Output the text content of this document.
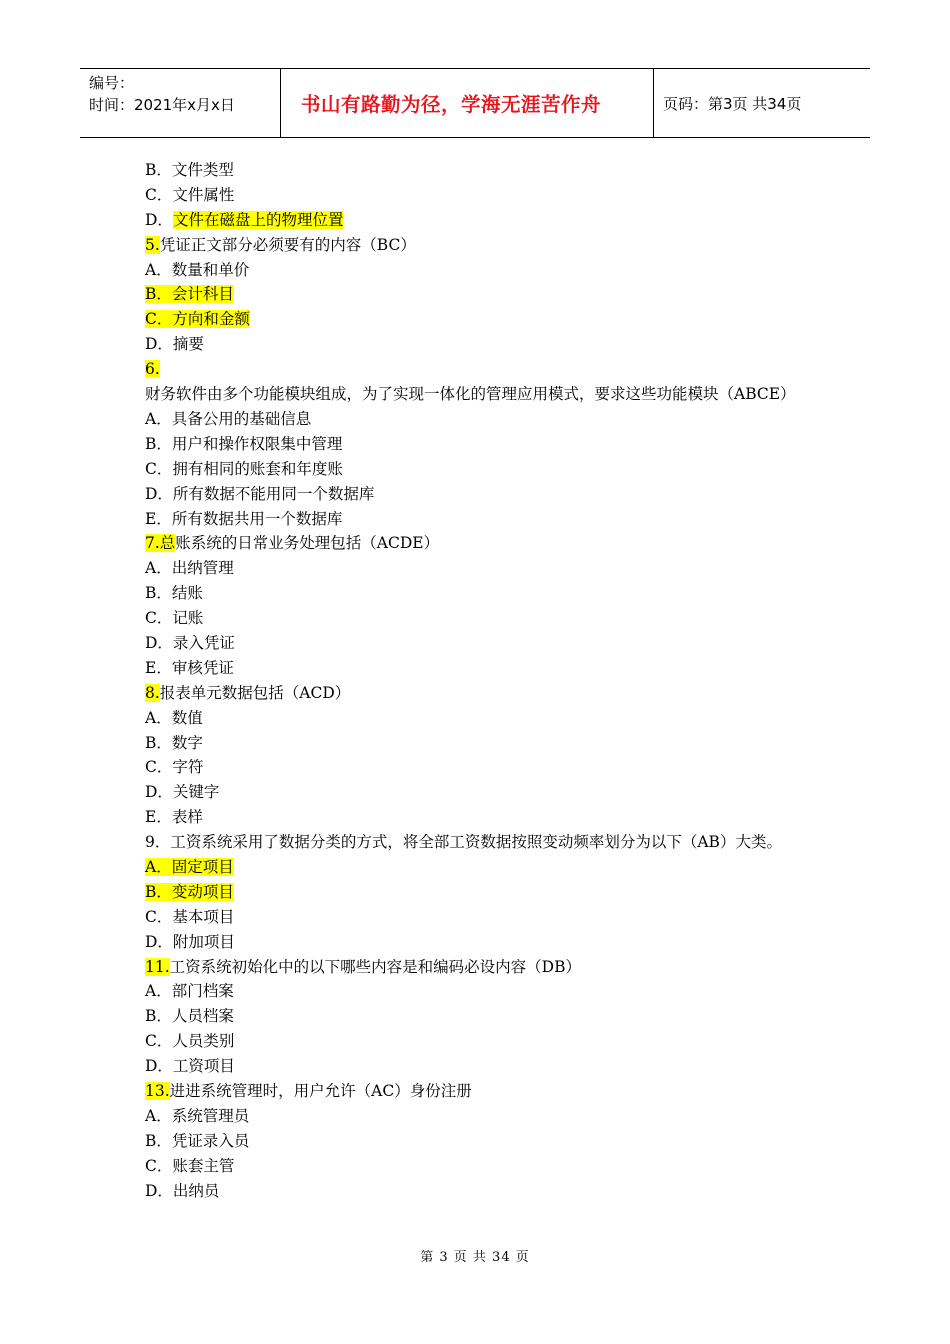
编号：
时间：2021年x月x日	书山有路勤为径，学海无涯苦作舟	页码：第3页 共34页
B．文件类型
C．文件属性
D．文件在磁盘上的物理位置
5.凭证正文部分必须要有的内容（BC）
A．数量和单价
B．会计科目
C．方向和金额
D．摘要
6.财务软件由多个功能模块组成，为了实现一体化的管理应用模式，要求这些功能模块（ABCE）
A．具备公用的基础信息
B．用户和操作权限集中管理
C．拥有相同的账套和年度账
D．所有数据不能用同一个数据库
E．所有数据共用一个数据库
7.总账系统的日常业务处理包括（ACDE）
A．出纳管理
B．结账
C．记账
D．录入凭证
E．审核凭证
8.报表单元数据包括（ACD）
A．数值
B．数字
C．字符
D．关键字
E．表样
9．工资系统采用了数据分类的方式，将全部工资数据按照变动频率划分为以下（AB）大类。
A．固定项目
B．变动项目
C．基本项目
D．附加项目
11.工资系统初始化中的以下哪些内容是和编码必设内容（DB）
A．部门档案
B．人员档案
C．人员类别
D．工资项目
13.进进系统管理时，用户允许（AC）身份注册
A．系统管理员
B．凭证录入员
C．账套主管
D．出纳员
第 3 页 共 34 页
